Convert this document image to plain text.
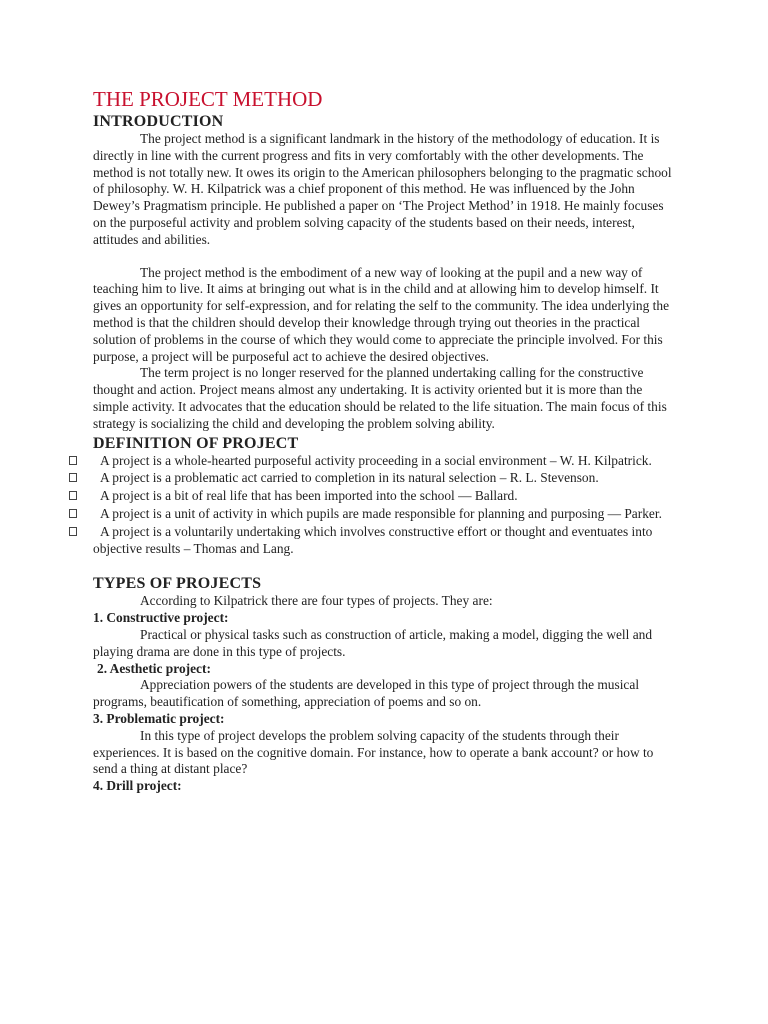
THE PROJECT METHOD
INTRODUCTION

The project method is a significant landmark in the history of the methodology of education. It is directly in line with the current progress and fits in very comfortably with the other developments. The method is not totally new. It owes its origin to the American philosophers belonging to the pragmatic school of philosophy. W. H. Kilpatrick was a chief proponent of this method. He was influenced by the John Dewey’s Pragmatism principle. He published a paper on ‘The Project Method’ in 1918. He mainly focuses on the purposeful activity and problem solving capacity of the students based on their needs, interest, attitudes and abilities.

The project method is the embodiment of a new way of looking at the pupil and a new way of teaching him to live. It aims at bringing out what is in the child and at allowing him to develop himself. It gives an opportunity for self-expression, and for relating the self to the community. The idea underlying the method is that the children should develop their knowledge through trying out theories in the practical solution of problems in the course of which they would come to appreciate the principle involved. For this purpose, a project will be purposeful act to achieve the desired objectives.

The term project is no longer reserved for the planned undertaking calling for the constructive thought and action. Project means almost any undertaking. It is activity oriented but it is more than the simple activity. It advocates that the education should be related to the life situation. The main focus of this strategy is socializing the child and developing the problem solving ability.

DEFINITION OF PROJECT

A project is a whole-hearted purposeful activity proceeding in a social environment – W. H. Kilpatrick.

A project is a problematic act carried to completion in its natural selection – R. L. Stevenson.

A project is a bit of real life that has been imported into the school — Ballard.

A project is a unit of activity in which pupils are made responsible for planning and purposing — Parker.

A project is a voluntarily undertaking which involves constructive effort or thought and eventuates into objective results – Thomas and Lang.

TYPES OF PROJECTS

According to Kilpatrick there are four types of projects. They are:

1. Constructive project:

Practical or physical tasks such as construction of article, making a model, digging the well and playing drama are done in this type of projects.

2. Aesthetic project:

Appreciation powers of the students are developed in this type of project through the musical programs, beautification of something, appreciation of poems and so on.

3. Problematic project:

In this type of project develops the problem solving capacity of the students through their experiences. It is based on the cognitive domain. For instance, how to operate a bank account? or how to send a thing at distant place?

4. Drill project:
